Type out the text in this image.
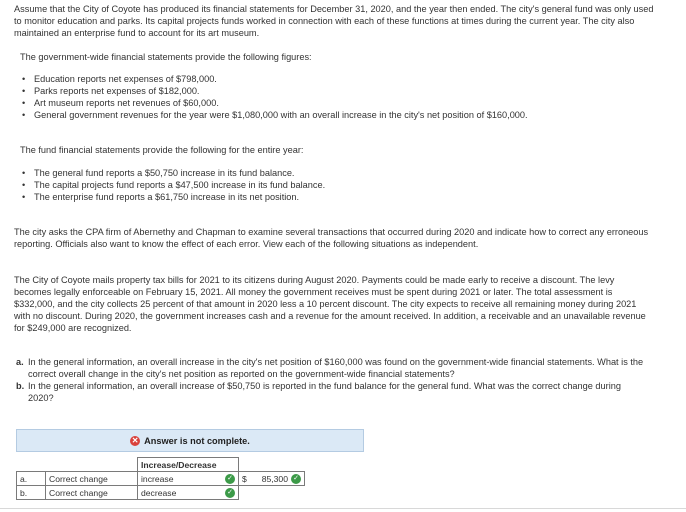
Assume that the City of Coyote has produced its financial statements for December 31, 2020, and the year then ended. The city's general fund was only used to monitor education and parks. Its capital projects funds worked in connection with each of these functions at times during the current year. The city also maintained an enterprise fund to account for its art museum.

The government-wide financial statements provide the following figures:

• Education reports net expenses of $798,000.
• Parks reports net expenses of $182,000.
• Art museum reports net revenues of $60,000.
• General government revenues for the year were $1,080,000 with an overall increase in the city's net position of $160,000.

The fund financial statements provide the following for the entire year:

• The general fund reports a $50,750 increase in its fund balance.
• The capital projects fund reports a $47,500 increase in its fund balance.
• The enterprise fund reports a $61,750 increase in its net position.

The city asks the CPA firm of Abernethy and Chapman to examine several transactions that occurred during 2020 and indicate how to correct any erroneous reporting. Officials also want to know the effect of each error. View each of the following situations as independent.

The City of Coyote mails property tax bills for 2021 to its citizens during August 2020. Payments could be made early to receive a discount. The levy becomes legally enforceable on February 15, 2021. All money the government receives must be spent during 2021 or later. The total assessment is $332,000, and the city collects 25 percent of that amount in 2020 less a 10 percent discount. The city expects to receive all remaining money during 2021 with no discount. During 2020, the government increases cash and a revenue for the amount received. In addition, a receivable and an unavailable revenue for $249,000 are recognized.

a. In the general information, an overall increase in the city's net position of $160,000 was found on the government-wide financial statements. What is the correct overall change in the city's net position as reported on the government-wide financial statements?
b. In the general information, an overall increase of $50,750 is reported in the fund balance for the general fund. What was the correct change during 2020?
✕ Answer is not complete.
		Increase/Decrease	
a.	Correct change	increase ✓	$ 85,300 ✓

b.	Correct change	decrease ✓	
